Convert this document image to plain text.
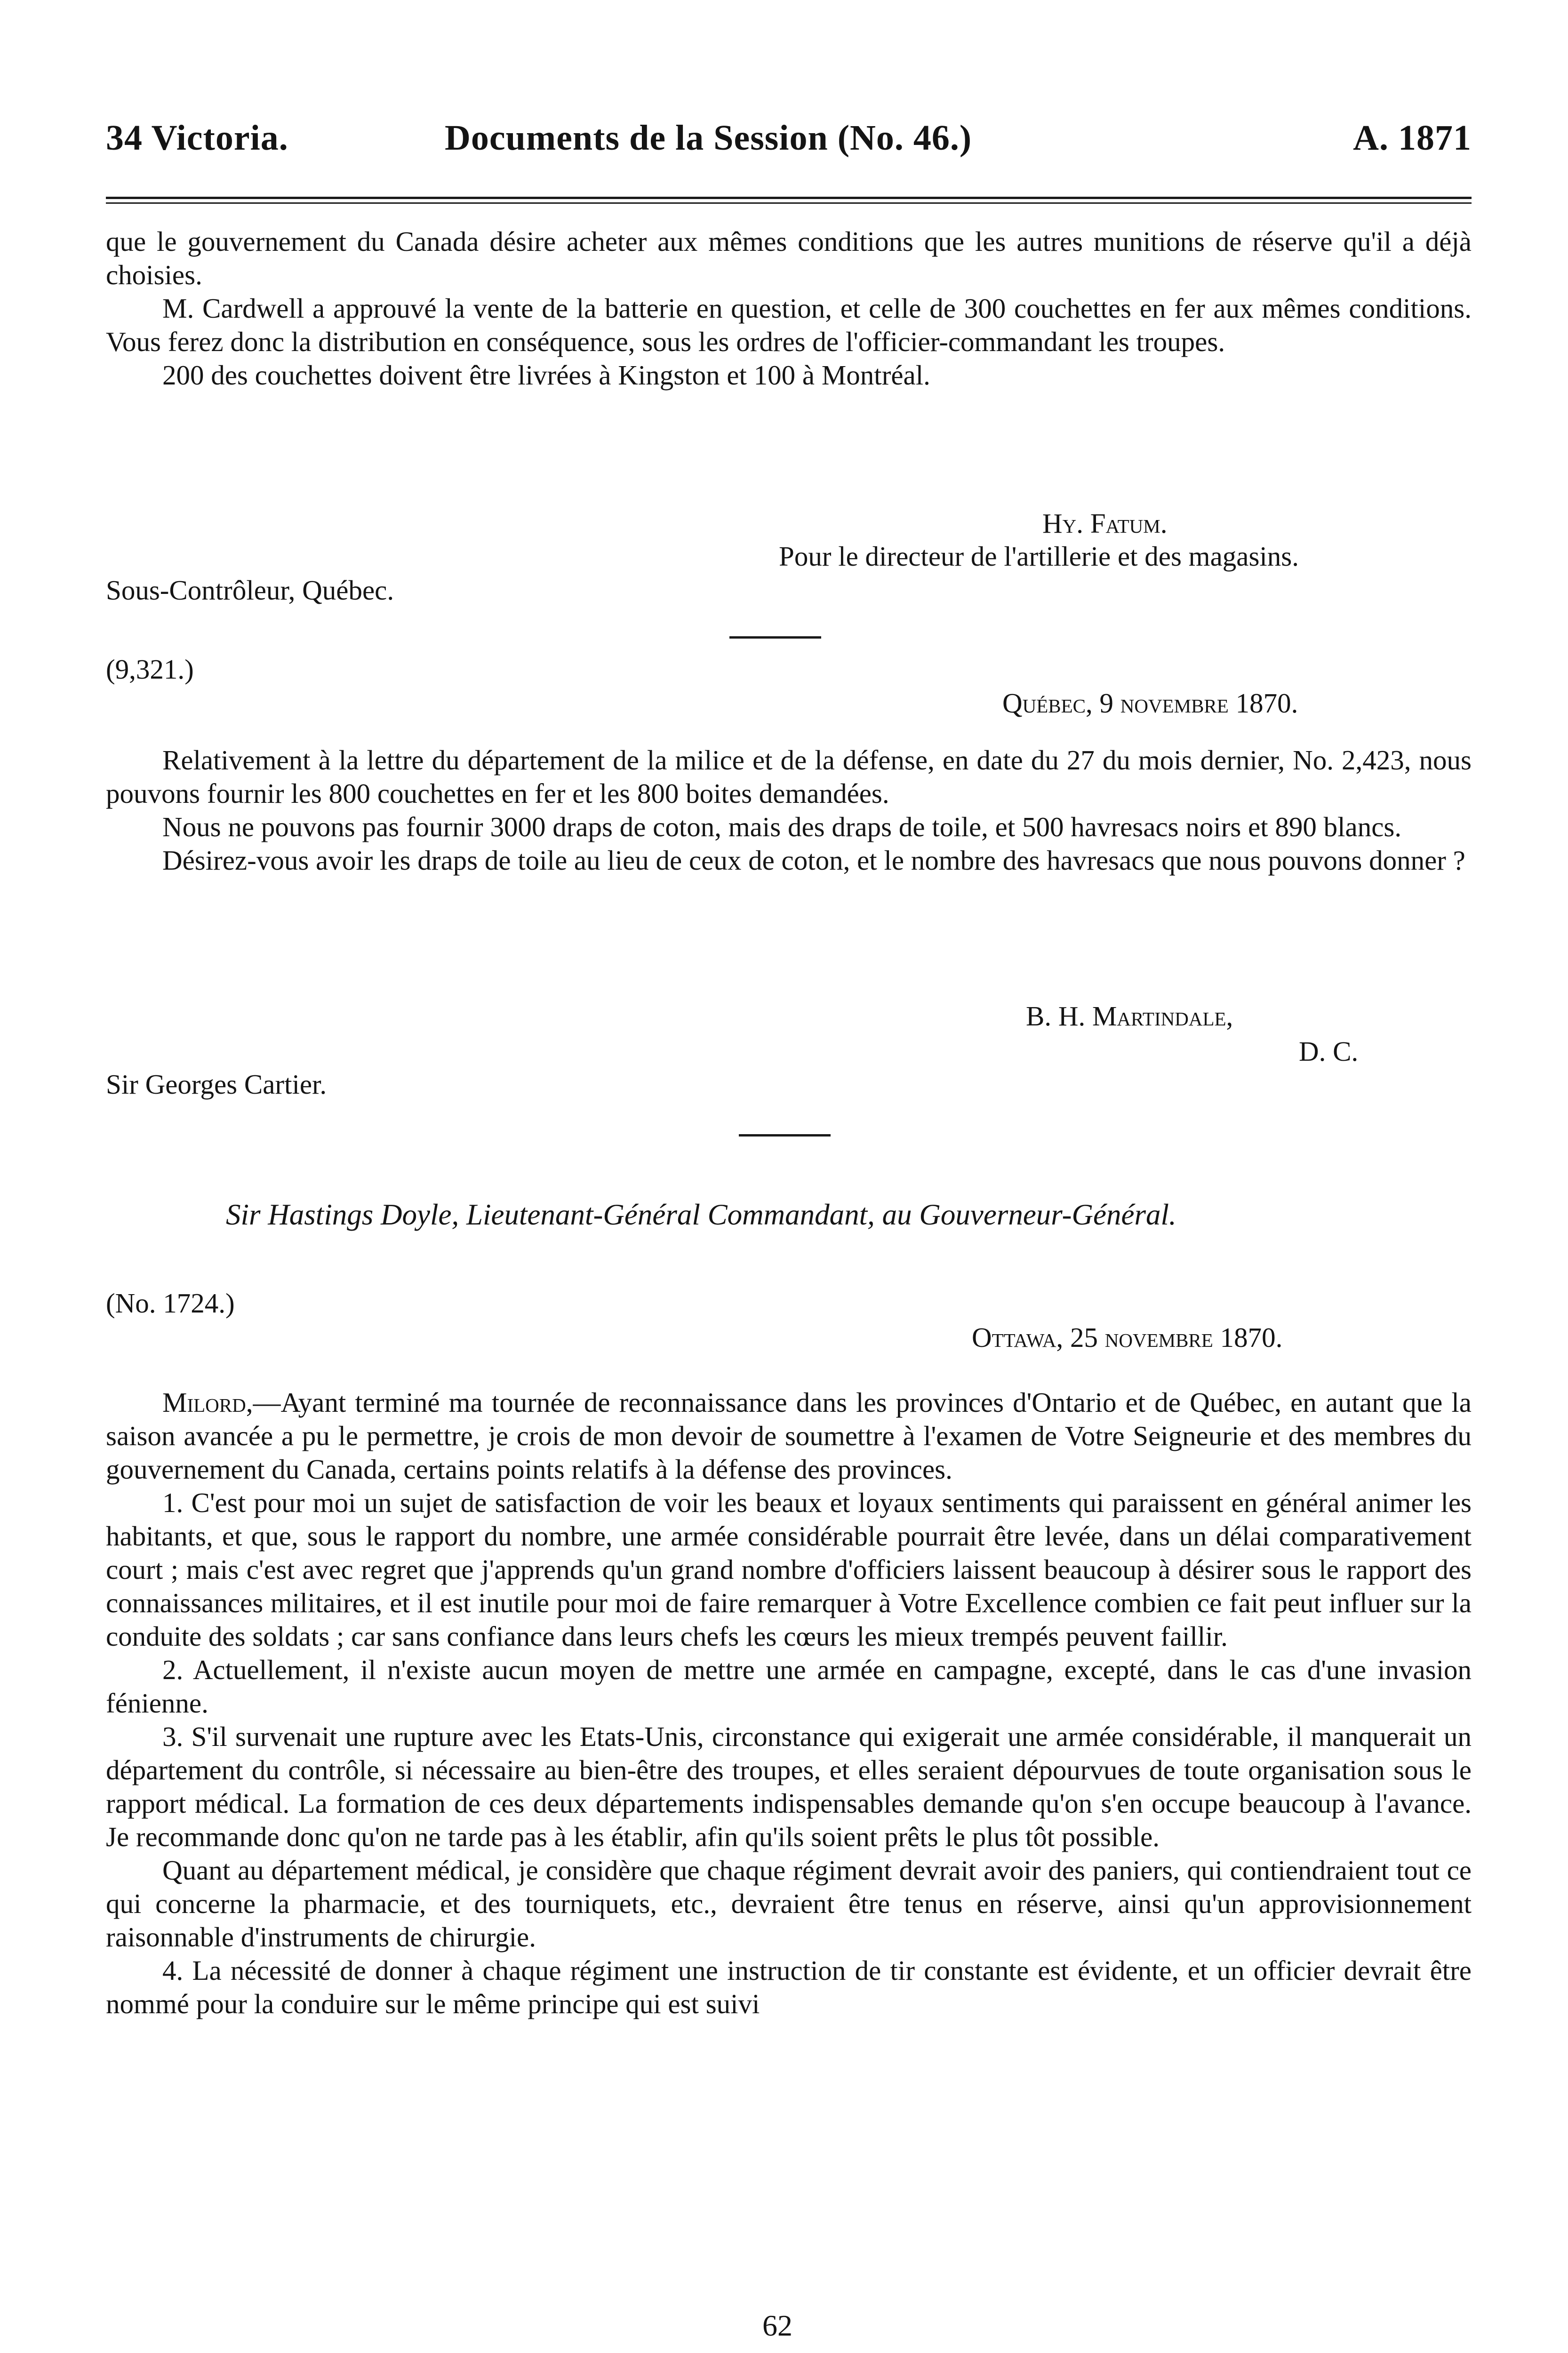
34 Victoria.	Documents de la Session (No. 46.)	A. 1871

que le gouvernement du Canada désire acheter aux mêmes conditions que les autres munitions de réserve qu'il a déjà choisies.

M. Cardwell a approuvé la vente de la batterie en question, et celle de 300 couchettes en fer aux mêmes conditions. Vous ferez donc la distribution en conséquence, sous les ordres de l'officier-commandant les troupes.

200 des couchettes doivent être livrées à Kingston et 100 à Montréal.

Hy. Fatum.
Pour le directeur de l'artillerie et des magasins.
Sous-Contrôleur, Québec.
(9,321.)
Québec, 9 novembre 1870.

Relativement à la lettre du département de la milice et de la défense, en date du 27 du mois dernier, No. 2,423, nous pouvons fournir les 800 couchettes en fer et les 800 boites demandées.

Nous ne pouvons pas fournir 3000 draps de coton, mais des draps de toile, et 500 havresacs noirs et 890 blancs.

Désirez-vous avoir les draps de toile au lieu de ceux de coton, et le nombre des havresacs que nous pouvons donner ?

B. H. Martindale,
D. C.
Sir Georges Cartier.
Sir Hastings Doyle, Lieutenant-Général Commandant, au Gouverneur-Général.
(No. 1724.)
Ottawa, 25 novembre 1870.

Milord,—Ayant terminé ma tournée de reconnaissance dans les provinces d'Ontario et de Québec, en autant que la saison avancée a pu le permettre, je crois de mon devoir de soumettre à l'examen de Votre Seigneurie et des membres du gouvernement du Canada, certains points relatifs à la défense des provinces.

1. C'est pour moi un sujet de satisfaction de voir les beaux et loyaux sentiments qui paraissent en général animer les habitants, et que, sous le rapport du nombre, une armée considérable pourrait être levée, dans un délai comparativement court ; mais c'est avec regret que j'apprends qu'un grand nombre d'officiers laissent beaucoup à désirer sous le rapport des connaissances militaires, et il est inutile pour moi de faire remarquer à Votre Excellence combien ce fait peut influer sur la conduite des soldats ; car sans confiance dans leurs chefs les cœurs les mieux trempés peuvent faillir.

2. Actuellement, il n'existe aucun moyen de mettre une armée en campagne, excepté, dans le cas d'une invasion fénienne.

3. S'il survenait une rupture avec les Etats-Unis, circonstance qui exigerait une armée considérable, il manquerait un département du contrôle, si nécessaire au bien-être des troupes, et elles seraient dépourvues de toute organisation sous le rapport médical. La formation de ces deux départements indispensables demande qu'on s'en occupe beaucoup à l'avance. Je recommande donc qu'on ne tarde pas à les établir, afin qu'ils soient prêts le plus tôt possible.

Quant au département médical, je considère que chaque régiment devrait avoir des paniers, qui contiendraient tout ce qui concerne la pharmacie, et des tourniquets, etc., devraient être tenus en réserve, ainsi qu'un approvisionnement raisonnable d'instruments de chirurgie.

4. La nécessité de donner à chaque régiment une instruction de tir constante est évidente, et un officier devrait être nommé pour la conduire sur le même principe qui est suivi

62
